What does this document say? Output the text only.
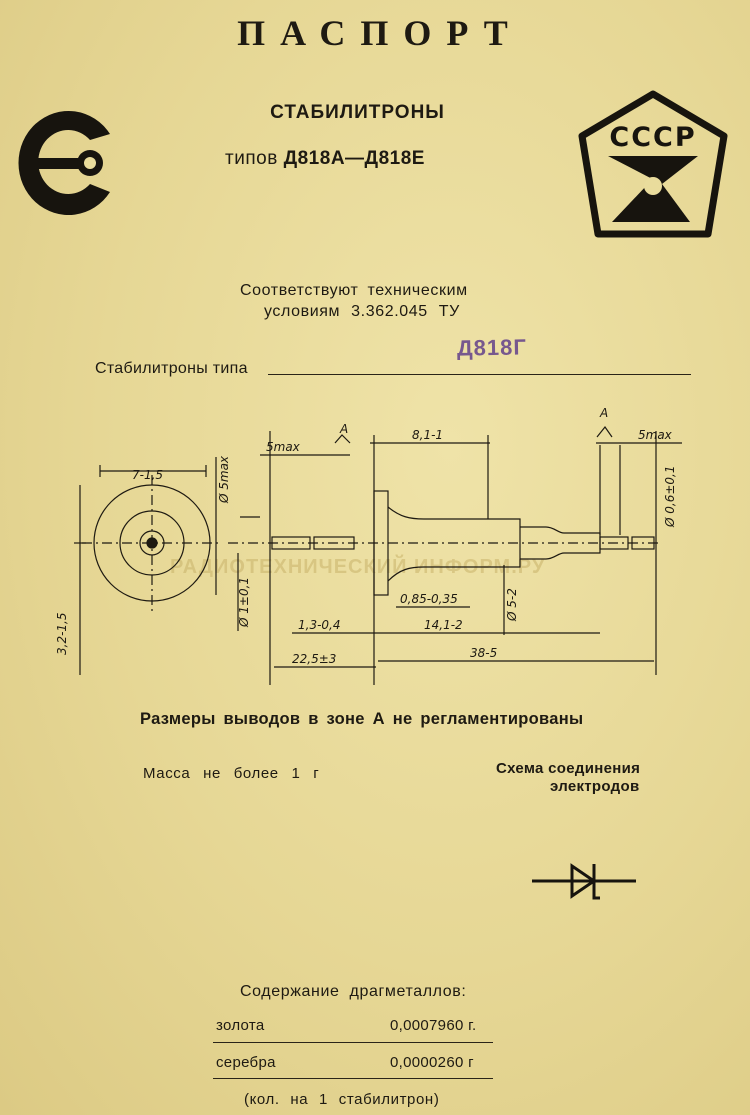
СССР
ПАСПОРТ
СТАБИЛИТРОНЫ
типов Д818А—Д818Е
Соответствуют техническим
условиям 3.362.045 ТУ
Стабилитроны типа
Д818Г
РАДИОТЕХНИЧЕСКИЙ ИНФОРМ.РУ
7-1,5
3,2-1,5
A
A
5max
8,1-1	5max
Ø 5max	Ø 0,6±0,1
Ø 1±0,1	0,85-0,35	Ø 5-2
1,3-0,4	14,1-2
22,5±3	38-5
Размеры выводов в зоне А не регламентированы
Масса не более 1 г	Схема соединения
электродов
Содержание драгметаллов:
золота	0,0007960 г.
серебра	0,0000260 г
(кол. на 1 стабилитрон)
